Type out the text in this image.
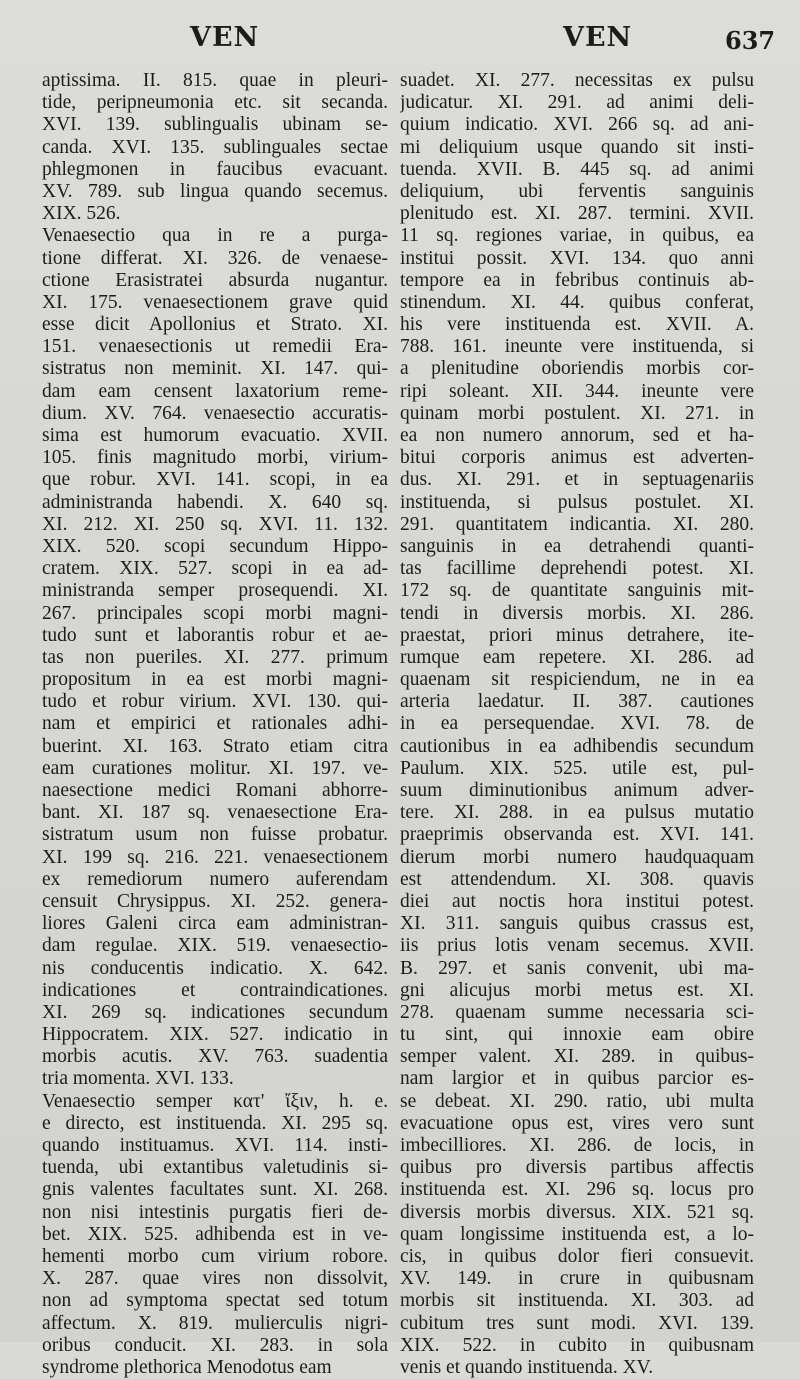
VEN	VEN	637
aptissima. II. 815. quae in pleuri-
tide, peripneumonia etc. sit secanda.
XVI. 139. sublingualis ubinam se-
canda. XVI. 135. sublinguales sectae
phlegmonen in faucibus evacuant.
XV. 789. sub lingua quando secemus.
XIX. 526.
Venaesectio qua in re a purga-
tione differat. XI. 326. de venaese-
ctione Erasistratei absurda nugantur.
XI. 175. venaesectionem grave quid
esse dicit Apollonius et Strato. XI.
151. venaesectionis ut remedii Era-
sistratus non meminit. XI. 147. qui-
dam eam censent laxatorium reme-
dium. XV. 764. venaesectio accuratis-
sima est humorum evacuatio. XVII.
105. finis magnitudo morbi, virium-
que robur. XVI. 141. scopi, in ea
administranda habendi. X. 640 sq.
XI. 212. XI. 250 sq. XVI. 11. 132.
XIX. 520. scopi secundum Hippo-
cratem. XIX. 527. scopi in ea ad-
ministranda semper prosequendi. XI.
267. principales scopi morbi magni-
tudo sunt et laborantis robur et ae-
tas non pueriles. XI. 277. primum
propositum in ea est morbi magni-
tudo et robur virium. XVI. 130. qui-
nam et empirici et rationales adhi-
buerint. XI. 163. Strato etiam citra
eam curationes molitur. XI. 197. ve-
naesectione medici Romani abhorre-
bant. XI. 187 sq. venaesectione Era-
sistratum usum non fuisse probatur.
XI. 199 sq. 216. 221. venaesectionem
ex remediorum numero auferendam
censuit Chrysippus. XI. 252. genera-
liores Galeni circa eam administran-
dam regulae. XIX. 519. venaesectio-
nis conducentis indicatio. X. 642.
indicationes et contraindicationes.
XI. 269 sq. indicationes secundum
Hippocratem. XIX. 527. indicatio in
morbis acutis. XV. 763. suadentia
tria momenta. XVI. 133.
Venaesectio semper κατ' ἴξιν, h. e.
e directo, est instituenda. XI. 295 sq.
quando instituamus. XVI. 114. insti-
tuenda, ubi extantibus valetudinis si-
gnis valentes facultates sunt. XI. 268.
non nisi intestinis purgatis fieri de-
bet. XIX. 525. adhibenda est in ve-
hementi morbo cum virium robore.
X. 287. quae vires non dissolvit,
non ad symptoma spectat sed totum
affectum. X. 819. mulierculis nigri-
oribus conducit. XI. 283. in sola
syndrome plethorica Menodotus eam
suadet. XI. 277. necessitas ex pulsu
judicatur. XI. 291. ad animi deli-
quium indicatio. XVI. 266 sq. ad ani-
mi deliquium usque quando sit insti-
tuenda. XVII. B. 445 sq. ad animi
deliquium, ubi ferventis sanguinis
plenitudo est. XI. 287. termini. XVII.
11 sq. regiones variae, in quibus, ea
institui possit. XVI. 134. quo anni
tempore ea in febribus continuis ab-
stinendum. XI. 44. quibus conferat,
his vere instituenda est. XVII. A.
788. 161. ineunte vere instituenda, si
a plenitudine oboriendis morbis cor-
ripi soleant. XII. 344. ineunte vere
quinam morbi postulent. XI. 271. in
ea non numero annorum, sed et ha-
bitui corporis animus est adverten-
dus. XI. 291. et in septuagenariis
instituenda, si pulsus postulet. XI.
291. quantitatem indicantia. XI. 280.
sanguinis in ea detrahendi quanti-
tas facillime deprehendi potest. XI.
172 sq. de quantitate sanguinis mit-
tendi in diversis morbis. XI. 286.
praestat, priori minus detrahere, ite-
rumque eam repetere. XI. 286. ad
quaenam sit respiciendum, ne in ea
arteria laedatur. II. 387. cautiones
in ea persequendae. XVI. 78. de
cautionibus in ea adhibendis secundum
Paulum. XIX. 525. utile est, pul-
suum diminutionibus animum adver-
tere. XI. 288. in ea pulsus mutatio
praeprimis observanda est. XVI. 141.
dierum morbi numero haudquaquam
est attendendum. XI. 308. quavis
diei aut noctis hora institui potest.
XI. 311. sanguis quibus crassus est,
iis prius lotis venam secemus. XVII.
B. 297. et sanis convenit, ubi ma-
gni alicujus morbi metus est. XI.
278. quaenam summe necessaria sci-
tu sint, qui innoxie eam obire
semper valent. XI. 289. in quibus-
nam largior et in quibus parcior es-
se debeat. XI. 290. ratio, ubi multa
evacuatione opus est, vires vero sunt
imbecilliores. XI. 286. de locis, in
quibus pro diversis partibus affectis
instituenda est. XI. 296 sq. locus pro
diversis morbis diversus. XIX. 521 sq.
quam longissime instituenda est, a lo-
cis, in quibus dolor fieri consuevit.
XV. 149. in crure in quibusnam
morbis sit instituenda. XI. 303. ad
cubitum tres sunt modi. XVI. 139.
XIX. 522. in cubito in quibusnam
venis et quando instituenda. XV.
